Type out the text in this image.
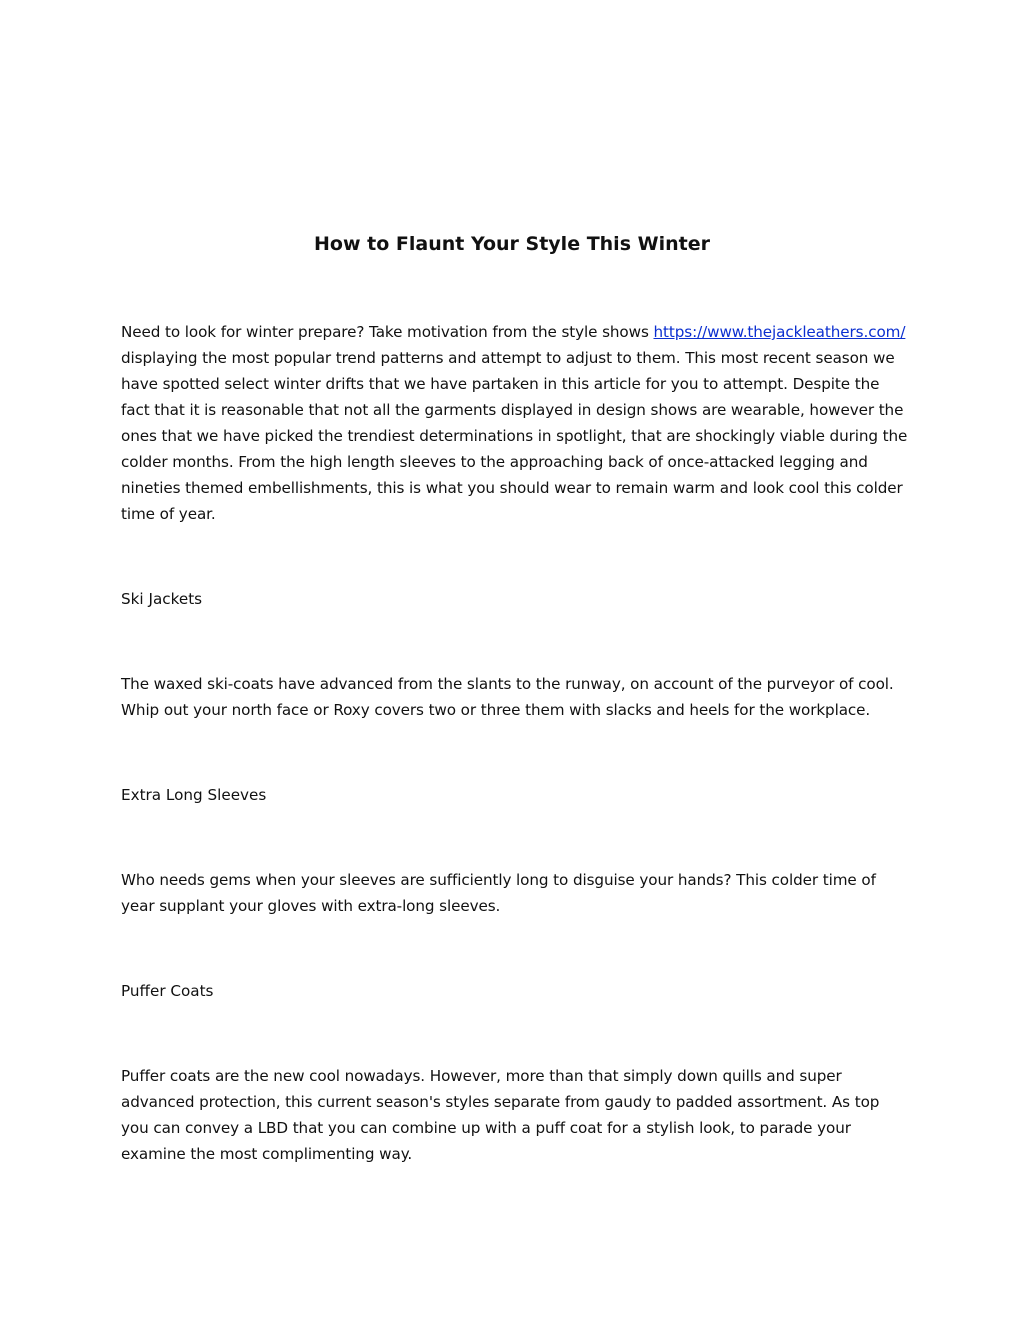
How to Flaunt Your Style This Winter

Need to look for winter prepare? Take motivation from the style shows https://www.thejackleathers.com/ displaying the most popular trend patterns and attempt to adjust to them. This most recent season we have spotted select winter drifts that we have partaken in this article for you to attempt. Despite the fact that it is reasonable that not all the garments displayed in design shows are wearable, however the ones that we have picked the trendiest determinations in spotlight, that are shockingly viable during the colder months. From the high length sleeves to the approaching back of once-attacked legging and nineties themed embellishments, this is what you should wear to remain warm and look cool this colder time of year.

Ski Jackets

The waxed ski-coats have advanced from the slants to the runway, on account of the purveyor of cool. Whip out your north face or Roxy covers two or three them with slacks and heels for the workplace.

Extra Long Sleeves

Who needs gems when your sleeves are sufficiently long to disguise your hands? This colder time of year supplant your gloves with extra-long sleeves.

Puffer Coats

Puffer coats are the new cool nowadays. However, more than that simply down quills and super advanced protection, this current season's styles separate from gaudy to padded assortment. As top you can convey a LBD that you can combine up with a puff coat for a stylish look, to parade your examine the most complimenting way.
